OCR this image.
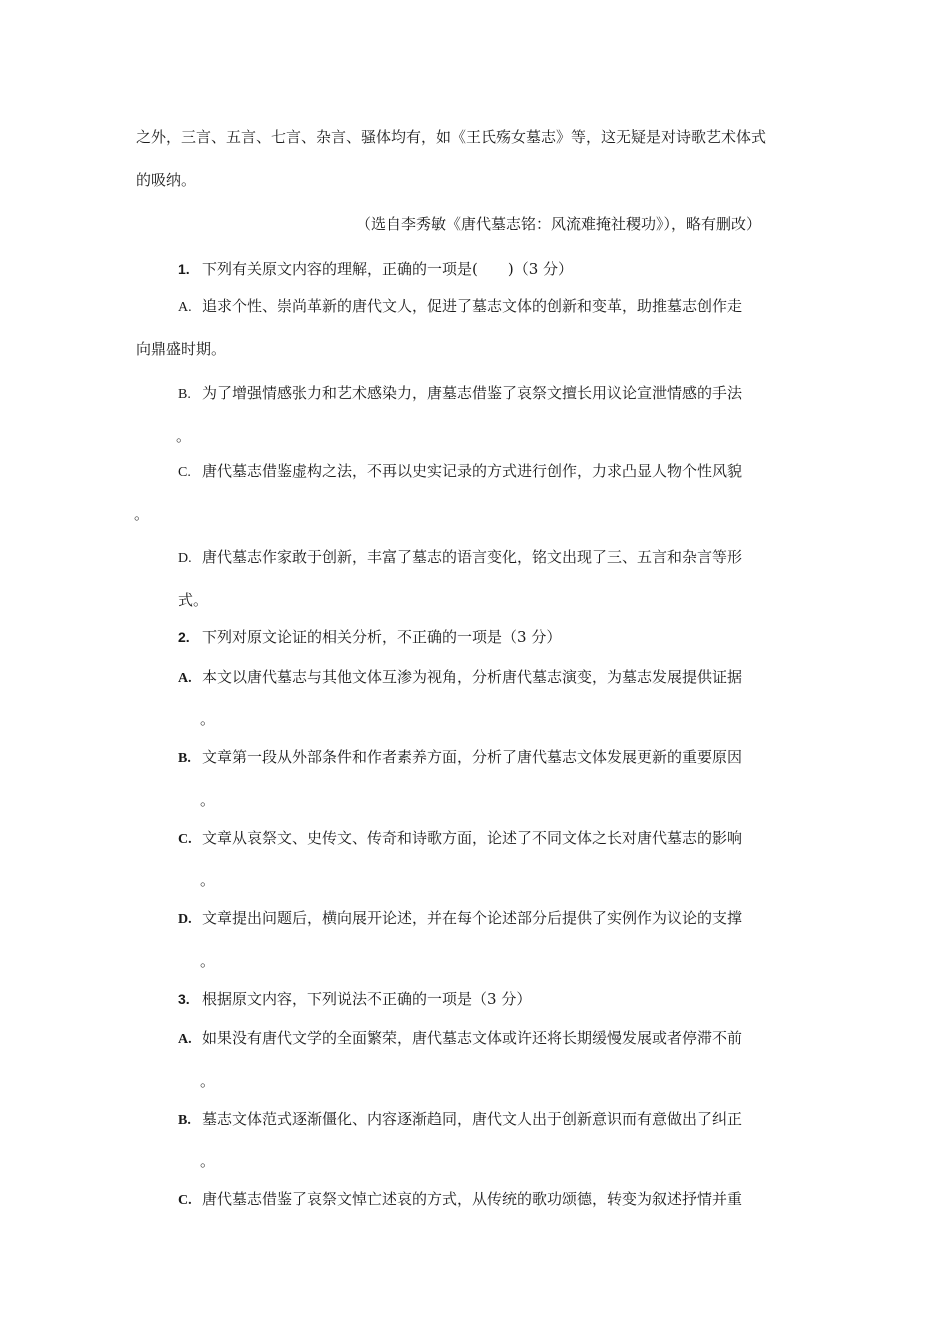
之外，三言、五言、七言、杂言、骚体均有，如《王氏殇女墓志》等，这无疑是对诗歌艺术体式
的吸纳。
（选自李秀敏《唐代墓志铭：风流难掩社稷功》），略有删改）
1. 下列有关原文内容的理解，正确的一项是(　　)（3 分）
A. 追求个性、崇尚革新的唐代文人，促进了墓志文体的创新和变革，助推墓志创作走
向鼎盛时期。
B. 为了增强情感张力和艺术感染力，唐墓志借鉴了哀祭文擅长用议论宣泄情感的手法
。
C. 唐代墓志借鉴虚构之法，不再以史实记录的方式进行创作，力求凸显人物个性风貌
。
D. 唐代墓志作家敢于创新，丰富了墓志的语言变化，铭文出现了三、五言和杂言等形
式。
2. 下列对原文论证的相关分析，不正确的一项是（3 分）
A. 本文以唐代墓志与其他文体互渗为视角，分析唐代墓志演变，为墓志发展提供证据
。
B. 文章第一段从外部条件和作者素养方面，分析了唐代墓志文体发展更新的重要原因
。
C. 文章从哀祭文、史传文、传奇和诗歌方面，论述了不同文体之长对唐代墓志的影响
。
D. 文章提出问题后，横向展开论述，并在每个论述部分后提供了实例作为议论的支撑
。
3. 根据原文内容，下列说法不正确的一项是（3 分）
A. 如果没有唐代文学的全面繁荣，唐代墓志文体或许还将长期缓慢发展或者停滞不前
。
B. 墓志文体范式逐渐僵化、内容逐渐趋同，唐代文人出于创新意识而有意做出了纠正
。
C. 唐代墓志借鉴了哀祭文悼亡述哀的方式，从传统的歌功颂德，转变为叙述抒情并重
